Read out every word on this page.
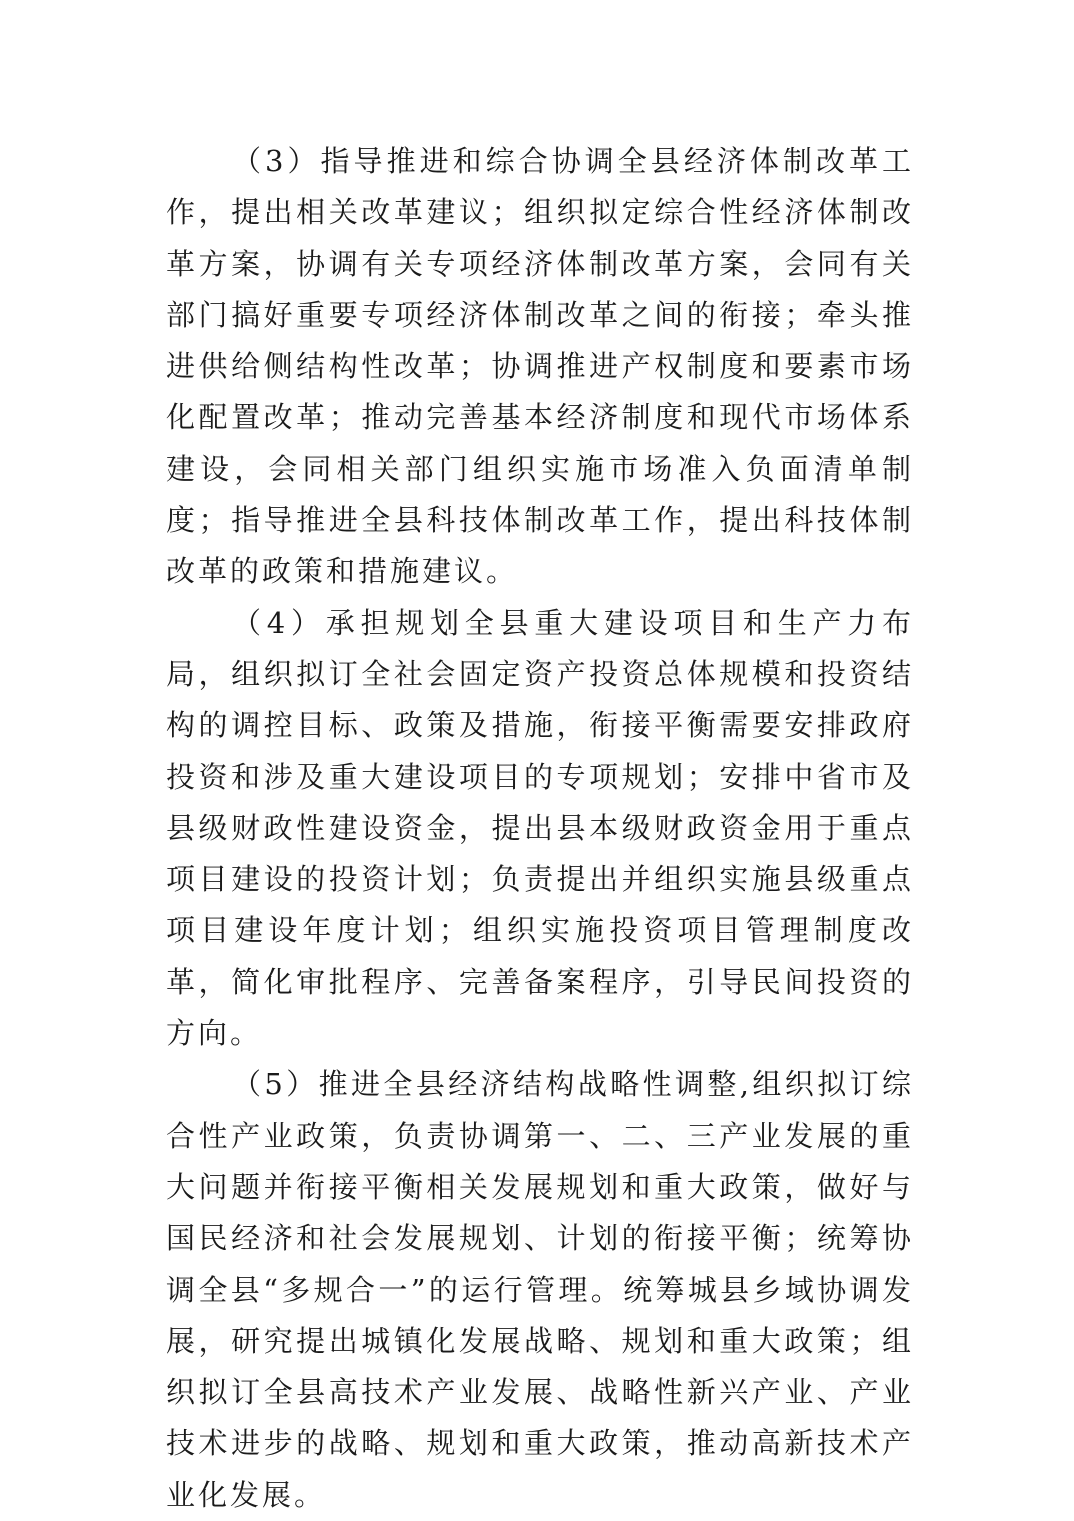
（3）指导推进和综合协调全县经济体制改革工作，提出相关改革建议；组织拟定综合性经济体制改革方案，协调有关专项经济体制改革方案，会同有关部门搞好重要专项经济体制改革之间的衔接；牵头推进供给侧结构性改革；协调推进产权制度和要素市场化配置改革；推动完善基本经济制度和现代市场体系建设，会同相关部门组织实施市场准入负面清单制度；指导推进全县科技体制改革工作，提出科技体制改革的政策和措施建议。

（4）承担规划全县重大建设项目和生产力布局，组织拟订全社会固定资产投资总体规模和投资结构的调控目标、政策及措施，衔接平衡需要安排政府投资和涉及重大建设项目的专项规划；安排中省市及县级财政性建设资金，提出县本级财政资金用于重点项目建设的投资计划；负责提出并组织实施县级重点项目建设年度计划；组织实施投资项目管理制度改革，简化审批程序、完善备案程序，引导民间投资的方向。

（5）推进全县经济结构战略性调整,组织拟订综合性产业政策，负责协调第一、二、三产业发展的重大问题并衔接平衡相关发展规划和重大政策，做好与国民经济和社会发展规划、计划的衔接平衡；统筹协调全县“多规合一”的运行管理。统筹城县乡域协调发展，研究提出城镇化发展战略、规划和重大政策；组织拟订全县高技术产业发展、战略性新兴产业、产业技术进步的战略、规划和重大政策，推动高新技术产业化发展。
